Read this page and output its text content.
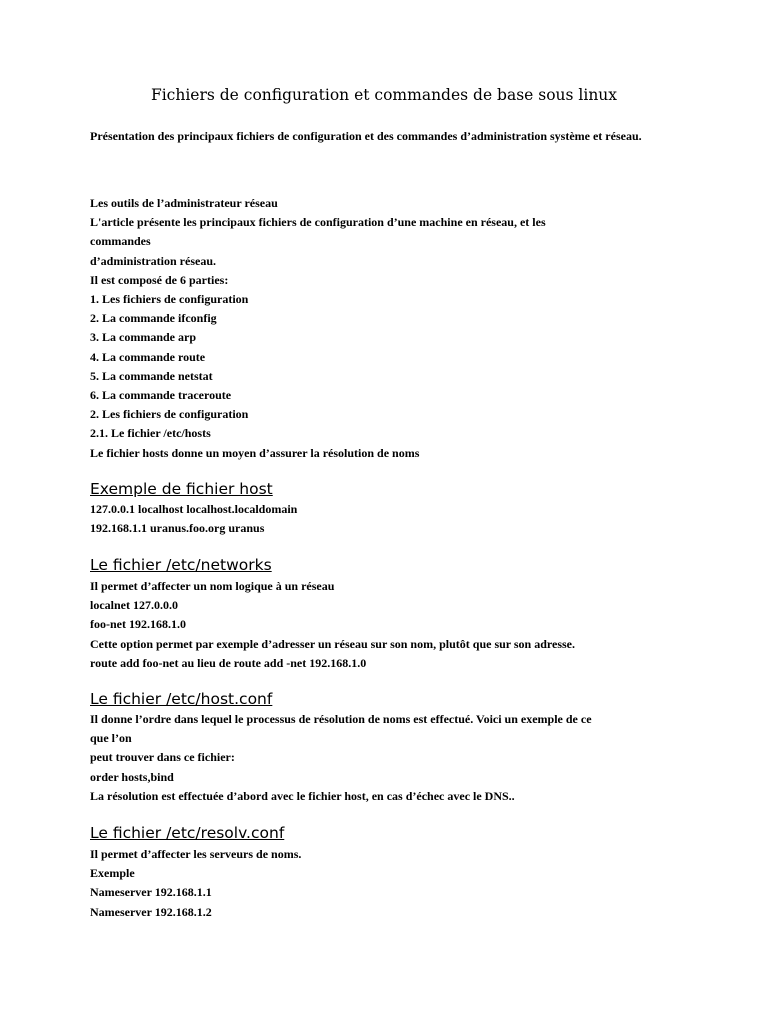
Fichiers de configuration et commandes de base sous linux
Présentation des principaux fichiers de configuration et des commandes d’administration système et réseau.
Les outils de l’administrateur réseau
L'article présente les principaux fichiers de configuration d’une machine en réseau, et les
commandes
d’administration réseau.
Il est composé de 6 parties:
1. Les fichiers de configuration
2. La commande ifconfig
3. La commande arp
4. La commande route
5. La commande netstat
6. La commande traceroute
2. Les fichiers de configuration
2.1. Le fichier /etc/hosts
Le fichier hosts donne un moyen d’assurer la résolution de noms
Exemple de fichier host
127.0.0.1 localhost localhost.localdomain
192.168.1.1 uranus.foo.org uranus
Le fichier /etc/networks
Il permet d’affecter un nom logique à un réseau
localnet 127.0.0.0
foo-net 192.168.1.0
Cette option permet par exemple d’adresser un réseau sur son nom, plutôt que sur son adresse.
route add foo-net au lieu de route add -net 192.168.1.0
Le fichier /etc/host.conf
Il donne l’ordre dans lequel le processus de résolution de noms est effectué. Voici un exemple de ce
que l’on
peut trouver dans ce fichier:
order hosts,bind
La résolution est effectuée d’abord avec le fichier host, en cas d’échec avec le DNS..
Le fichier /etc/resolv.conf
Il permet d’affecter les serveurs de noms.
Exemple
Nameserver 192.168.1.1
Nameserver 192.168.1.2
